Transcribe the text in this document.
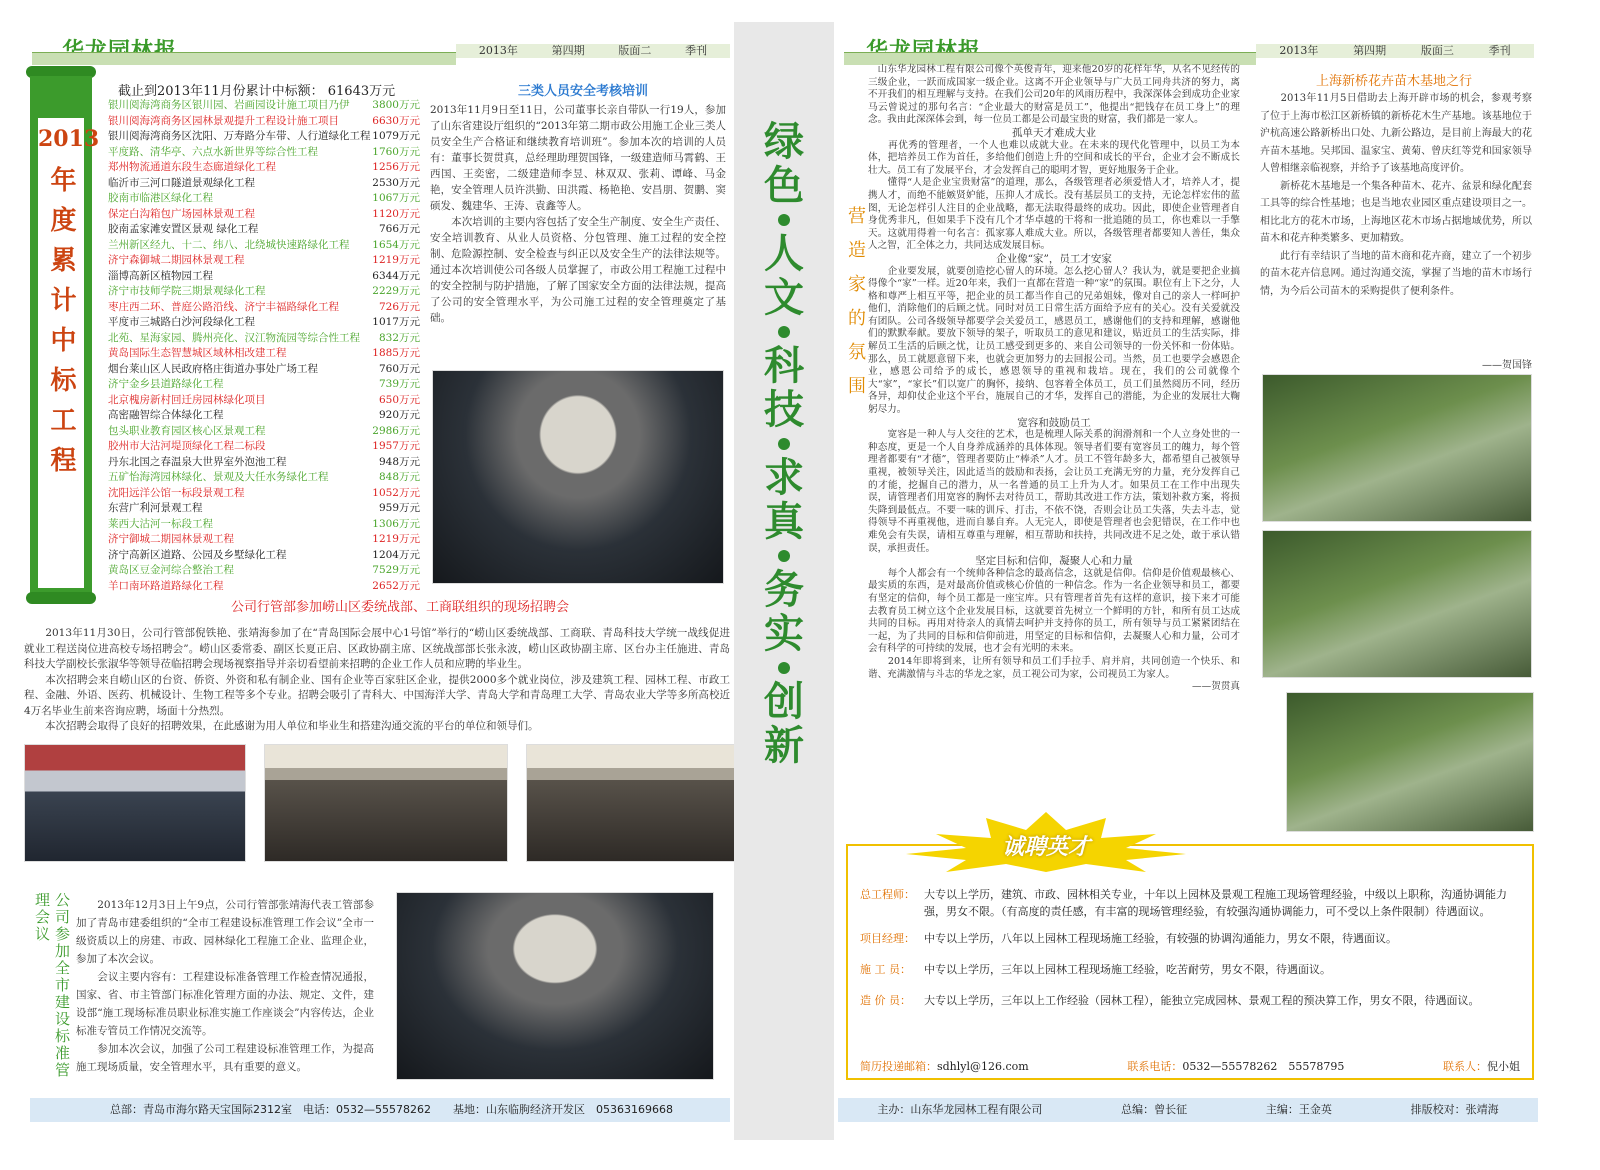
2013年	第四期	版面二	季刊
2013
年度累计中标工程
截止到2013年11月份累计中标额： 61643万元
银川阅海湾商务区银川园、岩画园设计施工项目乃伊 3800万元
银川阅海湾商务区园林景观提升工程设计施工项目	6630万元
银川阅海湾商务区沈阳、万寿路分车带、人行道绿化工程 1079万元
平度路、清华亭、六点水新世界等综合性工程	1760万元
郑州物流通道东段生态廊道绿化工程	1256万元
临沂市三河口隧道景观绿化工程	2530万元
胶南市临港区绿化工程	1067万元
保定白沟箱包广场园林景观工程	1120万元
胶南孟家滩安置区景观 绿化工程	766万元
兰州新区经九、十二、纬八、北绕城快速路绿化工程 1654万元
济宁森御城二期园林景观工程	1219万元
淄博高新区植物园工程	6344万元
济宁市技师学院三期景观绿化工程	2229万元
枣庄西二环、普庭公路沿线、济宁丰福路绿化工程	726万元
平度市三城路白沙河段绿化工程	1017万元
北苑、星海家园、腾州亮化、汉江物流园等综合性工程 832万元
黄岛国际生态智慧城区域林相改建工程	1885万元
烟台莱山区人民政府格庄街道办事处广场工程	760万元
济宁金乡县道路绿化工程	739万元
北京槐房新村回迁房园林绿化项目	650万元
高密融智综合体绿化工程	920万元
包头职业教育园区核心区景观工程	2986万元
胶州市大沽河堤顶绿化工程二标段	1957万元
丹东北国之春温泉大世界室外泡池工程	948万元
五矿怡海湾园林绿化、景观及大任水务绿化工程	848万元
沈阳远洋公馆一标段景观工程	1052万元
东营广利河景观工程	959万元
莱西大沽河一标段工程	1306万元
济宁御城二期园林景观工程	1219万元
济宁高新区道路、公园及乡墅绿化工程	1204万元
黄岛区豆金河综合整治工程	7529万元
羊口南环路道路绿化工程	2652万元
三类人员安全考核培训
2013年11月9日至11日，公司董事长亲自带队一行19人，参加了山东省建设厅组织的“2013年第二期市政公用施工企业三类人员安全生产合格证和继续教育培训班”。参加本次的培训的人员有：董事长贺贯真，总经理助理贺国锋，一级建造师马霄鹤、王西国、王奕密，二级建造师李昱、林双双、张莉、谭峰、马金艳，安全管理人员许洪勤、田洪霞、杨艳艳、安昌朋、贺鹏、窦硕发、魏建华、王涛、袁鑫等人。
　　本次培训的主要内容包括了安全生产制度、安全生产责任、安全培训教育、从业人员资格、分包管理、施工过程的安全控制、危险源控制、安全检查与纠正以及安全生产的法律法规等。通过本次培训使公司各级人员掌握了，市政公用工程施工过程中的安全控制与防护措施，了解了国家安全方面的法律法规，提高了公司的安全管理水平，为公司施工过程的安全管理奠定了基础。
公司行管部参加崂山区委统战部、工商联组织的现场招聘会
　　2013年11月30日，公司行管部倪铁艳、张靖海参加了在“青岛国际会展中心1号馆”举行的“崂山区委统战部、工商联、青岛科技大学统一战线促进就业工程送岗位进高校专场招聘会”。崂山区委常委、副区长夏正启、区政协副主席、区统战部部长张永波，崂山区政协副主席、区台办主任施进、青岛科技大学副校长张淑华等领导莅临招聘会现场视察指导并亲切看望前来招聘的企业工作人员和应聘的毕业生。
　　本次招聘会来自崂山区的台资、侨资、外资和私有制企业、国有企业等百家驻区企业，提供2000多个就业岗位，涉及建筑工程、园林工程、市政工程、金融、外语、医药、机械设计、生物工程等多个专业。招聘会吸引了青科大、中国海洋大学、青岛大学和青岛理工大学、青岛农业大学等多所高校近4万名毕业生前来咨询应聘，场面十分热烈。
　　本次招聘会取得了良好的招聘效果，在此感谢为用人单位和毕业生和搭建沟通交流的平台的单位和领导们。
公司参加全市建设标准管理会议	　　2013年12月3日上午9点，公司行管部张靖海代表工管部参加了青岛市建委组织的“全市工程建设标准管理工作会议”全市一级资质以上的房建、市政、园林绿化工程施工企业、监理企业，参加了本次会议。
　　会议主要内容有：工程建设标准备管理工作检查情况通报，国家、省、市主管部门标准化管理方面的办法、规定、文件，建设部“施工现场标准员职业标准实施工作座谈会”内容传达，企业标准专管员工作情况交流等。
　　参加本次会议，加强了公司工程建设标准管理工作，为提高施工现场质量，安全管理水平，具有重要的意义。
总部：青岛市海尔路天宝国际2312室　电话：0532—55578262　　基地：山东临朐经济开发区　05363169668
绿
色
人
文
科
技
求
真
务
实
创
新
2013年	第四期	版面三	季刊
营造家的氛围
山东华龙园林工程有限公司像个英俊青年，迎来他20岁的花样年华，从名不见经传的三级企业，一跃而成国家一级企业。这离不开企业领导与广大员工同舟共济的努力，离不开我们的相互理解与支持。在我们公司20年的风雨历程中，我深深体会到成功企业家马云曾说过的那句名言：“企业最大的财富是员工”，他提出“把钱存在员工身上”的理念。我由此深深体会到，每一位员工都是公司最宝贵的财富，我们都是一家人。
孤单天才难成大业
　　再优秀的管理者，一个人也难以成就大业。在未来的现代化管理中，以员工为本体，把培养员工作为首任，多给他们创造上升的空间和成长的平台，企业才会不断成长壮大。员工有了发展平台，才会发挥自己的聪明才智，更好地服务于企业。
　　懂得“人是企业宝贵财富”的道理，那么，各级管理者必须爱惜人才，培养人才，提携人才，而绝不能嫉贤妒能，压抑人才成长。没有基层员工的支持，无论怎样宏伟的蓝图，无论怎样引人注目的企业战略，都无法取得最终的成功。因此，即使企业管理者自身优秀非凡，但如果手下没有几个才华卓越的干将和一批追随的员工，你也难以一手擎天。这就用得着一句名言：孤家寡人难成大业。所以，各级管理者都要知人善任，集众人之智，汇全体之力，共同达成发展目标。
企业像“家”，员工才安家
　　企业要发展，就要创造挖心留人的环境。怎么挖心留人？我认为，就是要把企业搞得像个“家”一样。近20年来，我们一直都在营造一种“家”的氛围。职位有上下之分，人格和尊严上相互平等，把企业的员工都当作自己的兄弟姐妹，像对自己的亲人一样呵护他们，消除他们的后顾之忧。同时对员工日常生活方面给予应有的关心。没有关爱就没有团队。公司各级领导都要学会关爱员工，感恩员工，感谢他们的支持和理解，感谢他们的默默奉献。要放下领导的架子，听取员工的意见和建议，贴近员工的生活实际，排解员工生活的后顾之忧，让员工感受到更多的、来自公司领导的一份关怀和一份体贴。那么，员工就愿意留下来，也就会更加努力的去回报公司。当然，员工也要学会感恩企业，感恩公司给予的成长，感恩领导的重视和栽培。现在，我们的公司就像个大“家”，“家长”们以宽广的胸怀，接纳、包容着全体员工，员工们虽然阅历不同，经历各异，却仰仗企业这个平台，施展自己的才华，发挥自己的潜能，为企业的发展壮大鞠躬尽力。
宽容和鼓励员工
　　宽容是一种人与人交往的艺术，也是梳理人际关系的润滑剂和一个人立身处世的一种态度，更是一个人自身养成涵养的具体体现。领导者们要有宽容员工的魄力，每个管理者都要有“才德”，管理者要防止“棒杀”人才。员工不管年龄多大，都希望自己被领导重视，被领导关注，因此适当的鼓励和表扬，会让员工充满无穷的力量，充分发挥自己的才能，挖掘自己的潜力，从一名普通的员工上升为人才。如果员工在工作中出现失误，请管理者们用宽容的胸怀去对待员工，帮助其改进工作方法，策划补救方案，将损失降到最低点。不要一味的训斥、打击，不依不饶，否则会让员工失落，失去斗志，觉得领导不再重视他，进而自暴自弃。人无完人，即使是管理者也会犯错误，在工作中也难免会有失误，请相互尊重与理解，相互帮助和扶持，共同改进不足之处，敢于承认错误，承担责任。
坚定目标和信仰，凝聚人心和力量
　　每个人都会有一个统帅各种信念的最高信念，这就是信仰。信仰是价值观最核心、最实质的东西，是对最高价值或核心价值的一种信念。作为一名企业领导和员工，都要有坚定的信仰，每个员工都是一座宝库。只有管理者首先有这样的意识，接下来才可能去教育员工树立这个企业发展目标，这就要首先树立一个鲜明的方针，和所有员工达成共同的目标。再用对待亲人的真情去呵护并支持你的员工，所有领导与员工紧紧团结在一起，为了共同的目标和信仰前进，用坚定的目标和信仰，去凝聚人心和力量，公司才会有科学的可持续的发展，也才会有光明的未来。
　　2014年即将到来，让所有领导和员工们手拉手、肩并肩，共同创造一个快乐、和谐、充满激情与斗志的华龙之家，员工视公司为家，公司视员工为家人。
——贺贯真
上海新桥花卉苗木基地之行
　　2013年11月5日借助去上海开辟市场的机会，参观考察了位于上海市松江区新桥镇的新桥花木生产基地。该基地位于沪杭高速公路新桥出口处、九新公路边，是目前上海最大的花卉苗木基地。吴邦国、温家宝、黄菊、曾庆红等党和国家领导人曾相继亲临视察，并给予了该基地高度评价。
　　新桥花木基地是一个集各种苗木、花卉、盆景和绿化配套工具等的综合性基地；也是当地农业园区重点建设项目之一。相比北方的花木市场，上海地区花木市场占据地域优势，所以苗木和花卉种类繁多、更加精致。
　　此行有幸结识了当地的苗木商和花卉商，建立了一个初步的苗木花卉信息网。通过沟通交流，掌握了当地的苗木市场行情，为今后公司苗木的采购提供了便利条件。
——贺国锋
诚聘英才
总工程师： 大专以上学历，建筑、市政、园林相关专业，十年以上园林及景观工程施工现场管理经验，中级以上职称，沟通协调能力强，男女不限。（有高度的责任感，有丰富的现场管理经验，有较强沟通协调能力，可不受以上条件限制）待遇面议。
项目经理： 中专以上学历，八年以上园林工程现场施工经验，有较强的协调沟通能力，男女不限，待遇面议。
施 工 员：	中专以上学历，三年以上园林工程现场施工经验，吃苦耐劳，男女不限，待遇面议。
造 价 员：	大专以上学历，三年以上工作经验（园林工程），能独立完成园林、景观工程的预决算工作，男女不限，待遇面议。
简历投递邮箱：sdhlyl@126.com	联系电话：0532—55578262　55578795	联系人：倪小姐
主办：山东华龙园林工程有限公司	总编：曾长征	主编：王金英	排版校对：张靖海
